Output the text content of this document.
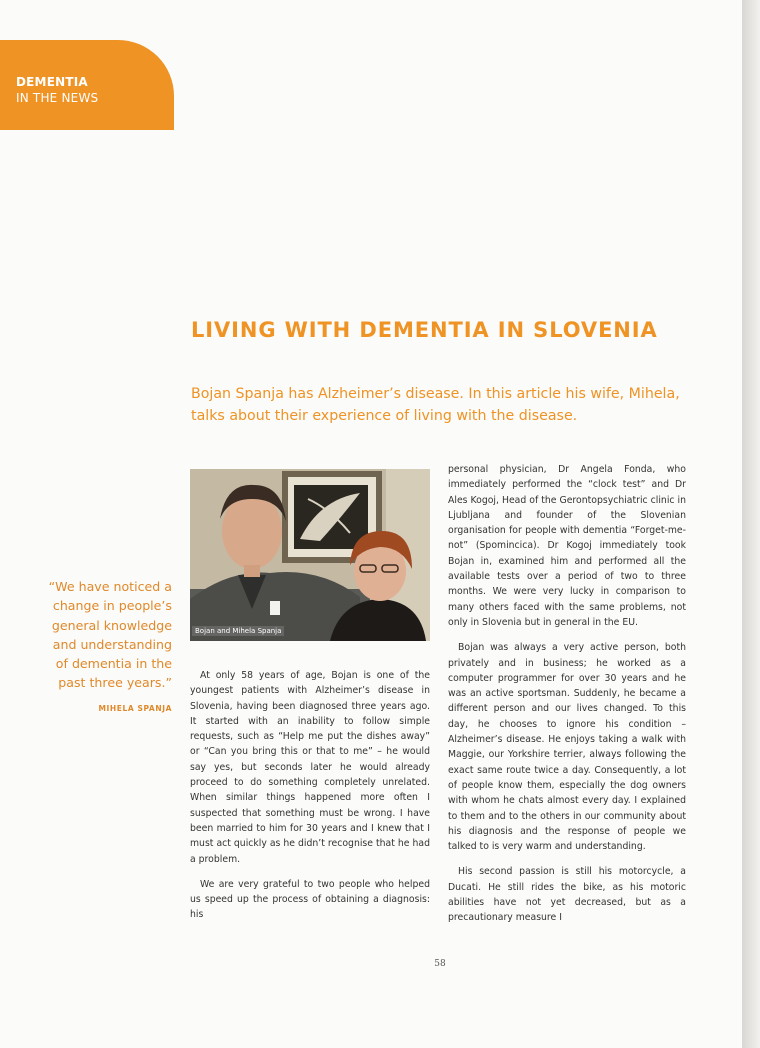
DEMENTIA
IN THE NEWS
LIVING WITH DEMENTIA IN SLOVENIA
Bojan Spanja has Alzheimer’s disease. In this article his wife, Mihela, talks about their experience of living with the disease.
Bojan and Mihela Spanja
“We have noticed a change in people’s general knowledge and understanding of dementia in the past three years.”
MIHELA SPANJA

At only 58 years of age, Bojan is one of the youngest patients with Alzheimer’s disease in Slovenia, having been diagnosed three years ago. It started with an inability to follow simple requests, such as “Help me put the dishes away” or “Can you bring this or that to me” – he would say yes, but seconds later he would already proceed to do something completely unrelated. When similar things happened more often I suspected that something must be wrong. I have been married to him for 30 years and I knew that I must act quickly as he didn’t recognise that he had a problem.

We are very grateful to two people who helped us speed up the process of obtaining a diagnosis: his

personal physician, Dr Angela Fonda, who immediately performed the “clock test” and Dr Ales Kogoj, Head of the Gerontopsychiatric clinic in Ljubljana and founder of the Slovenian organisation for people with dementia “Forget-me-not” (Spomincica). Dr Kogoj immediately took Bojan in, examined him and performed all the available tests over a period of two to three months. We were very lucky in comparison to many others faced with the same problems, not only in Slovenia but in general in the EU.

Bojan was always a very active person, both privately and in business; he worked as a computer programmer for over 30 years and he was an active sportsman. Suddenly, he became a different person and our lives changed. To this day, he chooses to ignore his condition – Alzheimer’s disease. He enjoys taking a walk with Maggie, our Yorkshire terrier, always following the exact same route twice a day. Consequently, a lot of people know them, especially the dog owners with whom he chats almost every day. I explained to them and to the others in our community about his diagnosis and the response of people we talked to is very warm and understanding.

His second passion is still his motorcycle, a Ducati. He still rides the bike, as his motoric abilities have not yet decreased, but as a precautionary measure I

58
